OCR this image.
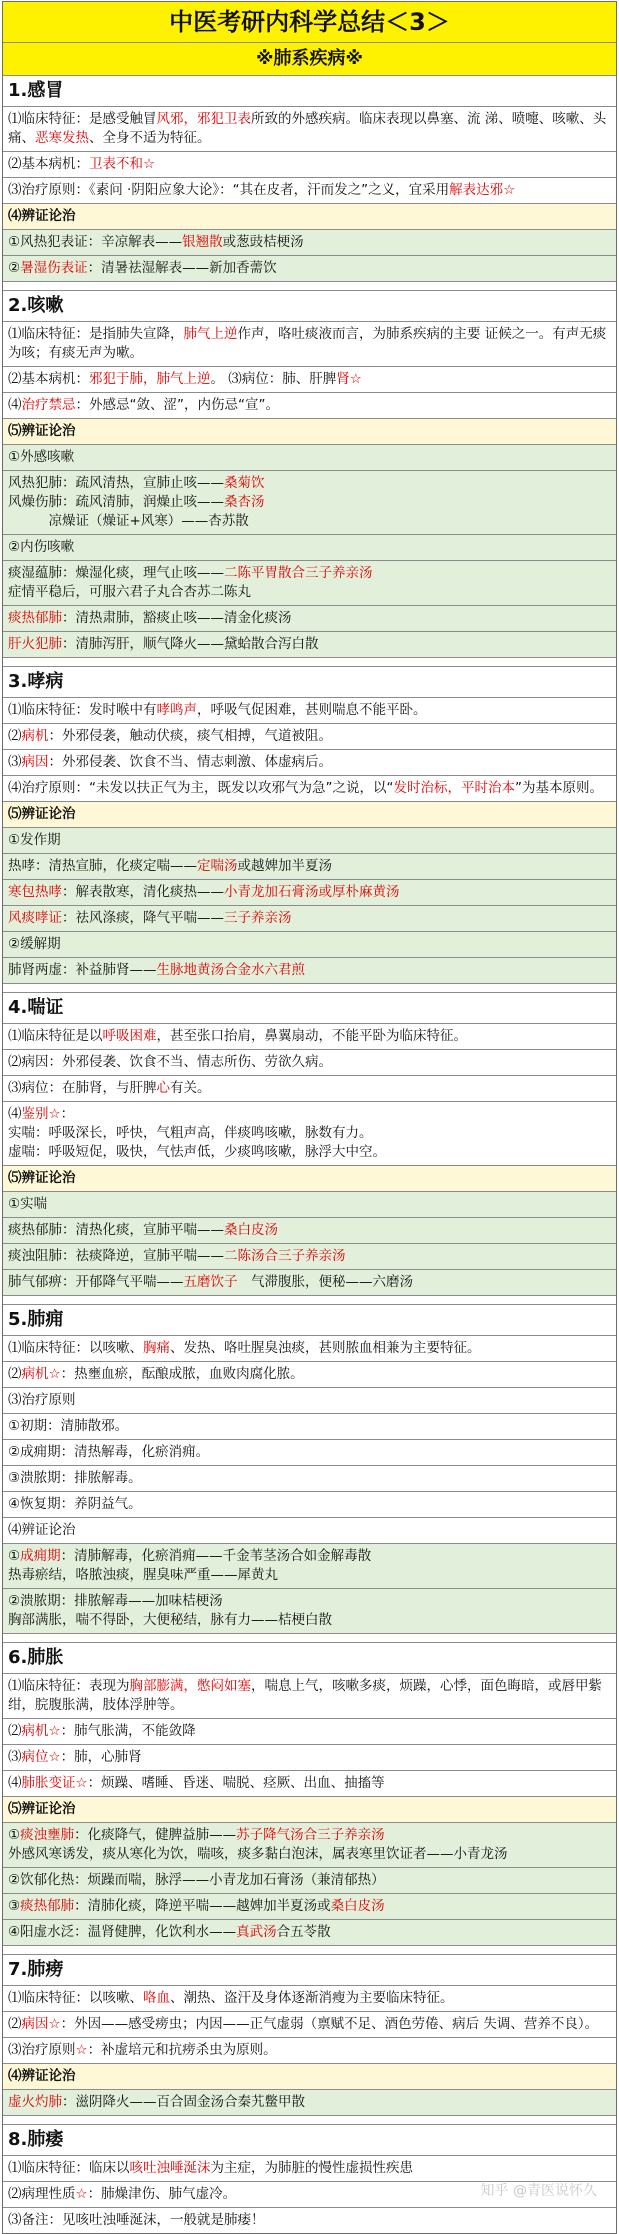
中医考研内科学总结＜3＞
※肺系疾病※
1.感冒
⑴临床特征：是感受触冒风邪，邪犯卫表所致的外感疾病。临床表现以鼻塞、流 涕、喷嚏、咳嗽、头痛、恶寒发热、全身不适为特征。
⑵基本病机：卫表不和☆
⑶治疗原则：《素问 ·阴阳应象大论》：“其在皮者，汗而发之”之义，宜采用解表达邪☆
⑷辨证论治
①风热犯表证：辛凉解表——银翘散或葱豉桔梗汤
②暑湿伤表证：清暑祛湿解表——新加香薷饮
2.咳嗽
⑴临床特征：是指肺失宣降，肺气上逆作声，咯吐痰液而言，为肺系疾病的主要 证候之一。有声无痰为咳；有痰无声为嗽。
⑵基本病机：邪犯于肺，肺气上逆。 ⑶病位：肺、肝脾肾☆
⑷治疗禁忌：外感忌“敛、涩”，内伤忌“宣”。
⑸辨证论治
①外感咳嗽
风热犯肺：疏风清热，宣肺止咳——桑菊饮
风燥伤肺：疏风清肺，润燥止咳——桑杏汤
　　　凉燥证（燥证+风寒）——杏苏散
②内伤咳嗽
痰湿蕴肺：燥湿化痰，理气止咳——二陈平胃散合三子养亲汤
症情平稳后，可服六君子丸合杏苏二陈丸
痰热郁肺：清热肃肺，豁痰止咳——清金化痰汤
肝火犯肺：清肺泻肝，顺气降火——黛蛤散合泻白散
3.哮病
⑴临床特征：发时喉中有哮鸣声，呼吸气促困难，甚则喘息不能平卧。
⑵病机：外邪侵袭，触动伏痰，痰气相搏，气道被阻。
⑶病因：外邪侵袭、饮食不当、情志刺激、体虚病后。
⑷治疗原则：“未发以扶正气为主，既发以攻邪气为急”之说，以“发时治标，平时治本”为基本原则。
⑸辨证论治
①发作期
热哮：清热宣肺，化痰定喘——定喘汤或越婢加半夏汤
寒包热哮：解表散寒，清化痰热——小青龙加石膏汤或厚朴麻黄汤
风痰哮证：祛风涤痰，降气平喘——三子养亲汤
②缓解期
肺肾两虚：补益肺肾——生脉地黄汤合金水六君煎
4.喘证
⑴临床特征是以呼吸困难，甚至张口抬肩，鼻翼扇动，不能平卧为临床特征。
⑵病因：外邪侵袭、饮食不当、情志所伤、劳欲久病。
⑶病位：在肺肾，与肝脾心有关。
⑷鉴别☆：
实喘：呼吸深长，呼快，气粗声高，伴痰鸣咳嗽，脉数有力。
虚喘：呼吸短促，吸快，气怯声低，少痰鸣咳嗽，脉浮大中空。
⑸辨证论治
①实喘
痰热郁肺：清热化痰，宣肺平喘——桑白皮汤
痰浊阻肺：祛痰降逆，宣肺平喘——二陈汤合三子养亲汤
肺气郁痹：开郁降气平喘——五磨饮子　气滞腹胀，便秘——六磨汤
5.肺痈
⑴临床特征：以咳嗽、胸痛、发热、咯吐腥臭浊痰，甚则脓血相兼为主要特征。
⑵病机☆：热壅血瘀，酝酿成脓，血败肉腐化脓。
⑶治疗原则
①初期：清肺散邪。
②成痈期：清热解毒，化瘀消痈。
③溃脓期：排脓解毒。
④恢复期：养阴益气。
⑷辨证论治
①成痈期：清肺解毒，化瘀消痈——千金苇茎汤合如金解毒散
热毒瘀结，咯脓浊痰，腥臭味严重——犀黄丸
②溃脓期：排脓解毒——加味桔梗汤
胸部满胀，喘不得卧，大便秘结，脉有力——桔梗白散
6.肺胀
⑴临床特征：表现为胸部膨满，憋闷如塞，喘息上气，咳嗽多痰，烦躁，心悸，面色晦暗，或唇甲紫绀，脘腹胀满，肢体浮肿等。
⑵病机☆：肺气胀满，不能敛降
⑶病位☆：肺，心肺肾
⑷肺胀变证☆：烦躁、嗜睡、昏迷、喘脱、痉厥、出血、抽搐等
⑸辨证论治
①痰浊壅肺：化痰降气，健脾益肺——苏子降气汤合三子养亲汤
外感风寒诱发，痰从寒化为饮，喘咳，痰多黏白泡沫，属表寒里饮证者——小青龙汤
②饮郁化热：烦躁而喘，脉浮——小青龙加石膏汤（兼清郁热）
③痰热郁肺：清肺化痰，降逆平喘——越婢加半夏汤或桑白皮汤
④阳虚水泛：温肾健脾，化饮利水——真武汤合五苓散
7.肺痨
⑴临床特征：以咳嗽、咯血、潮热、盗汗及身体逐渐消瘦为主要临床特征。
⑵病因☆：外因——感受痨虫；内因——正气虚弱（禀赋不足、酒色劳倦、病后 失调、营养不良）。
⑶治疗原则☆：补虚培元和抗痨杀虫为原则。
⑷辨证论治
虚火灼肺：滋阴降火——百合固金汤合秦艽鳖甲散
8.肺痿
⑴临床特征：临床以咳吐浊唾涎沫为主症，为肺脏的慢性虚损性疾患
⑵病理性质☆：肺燥津伤、肺气虚冷。
⑶备注：见咳吐浊唾涎沫，一般就是肺痿！
知乎 @青医说怀久
